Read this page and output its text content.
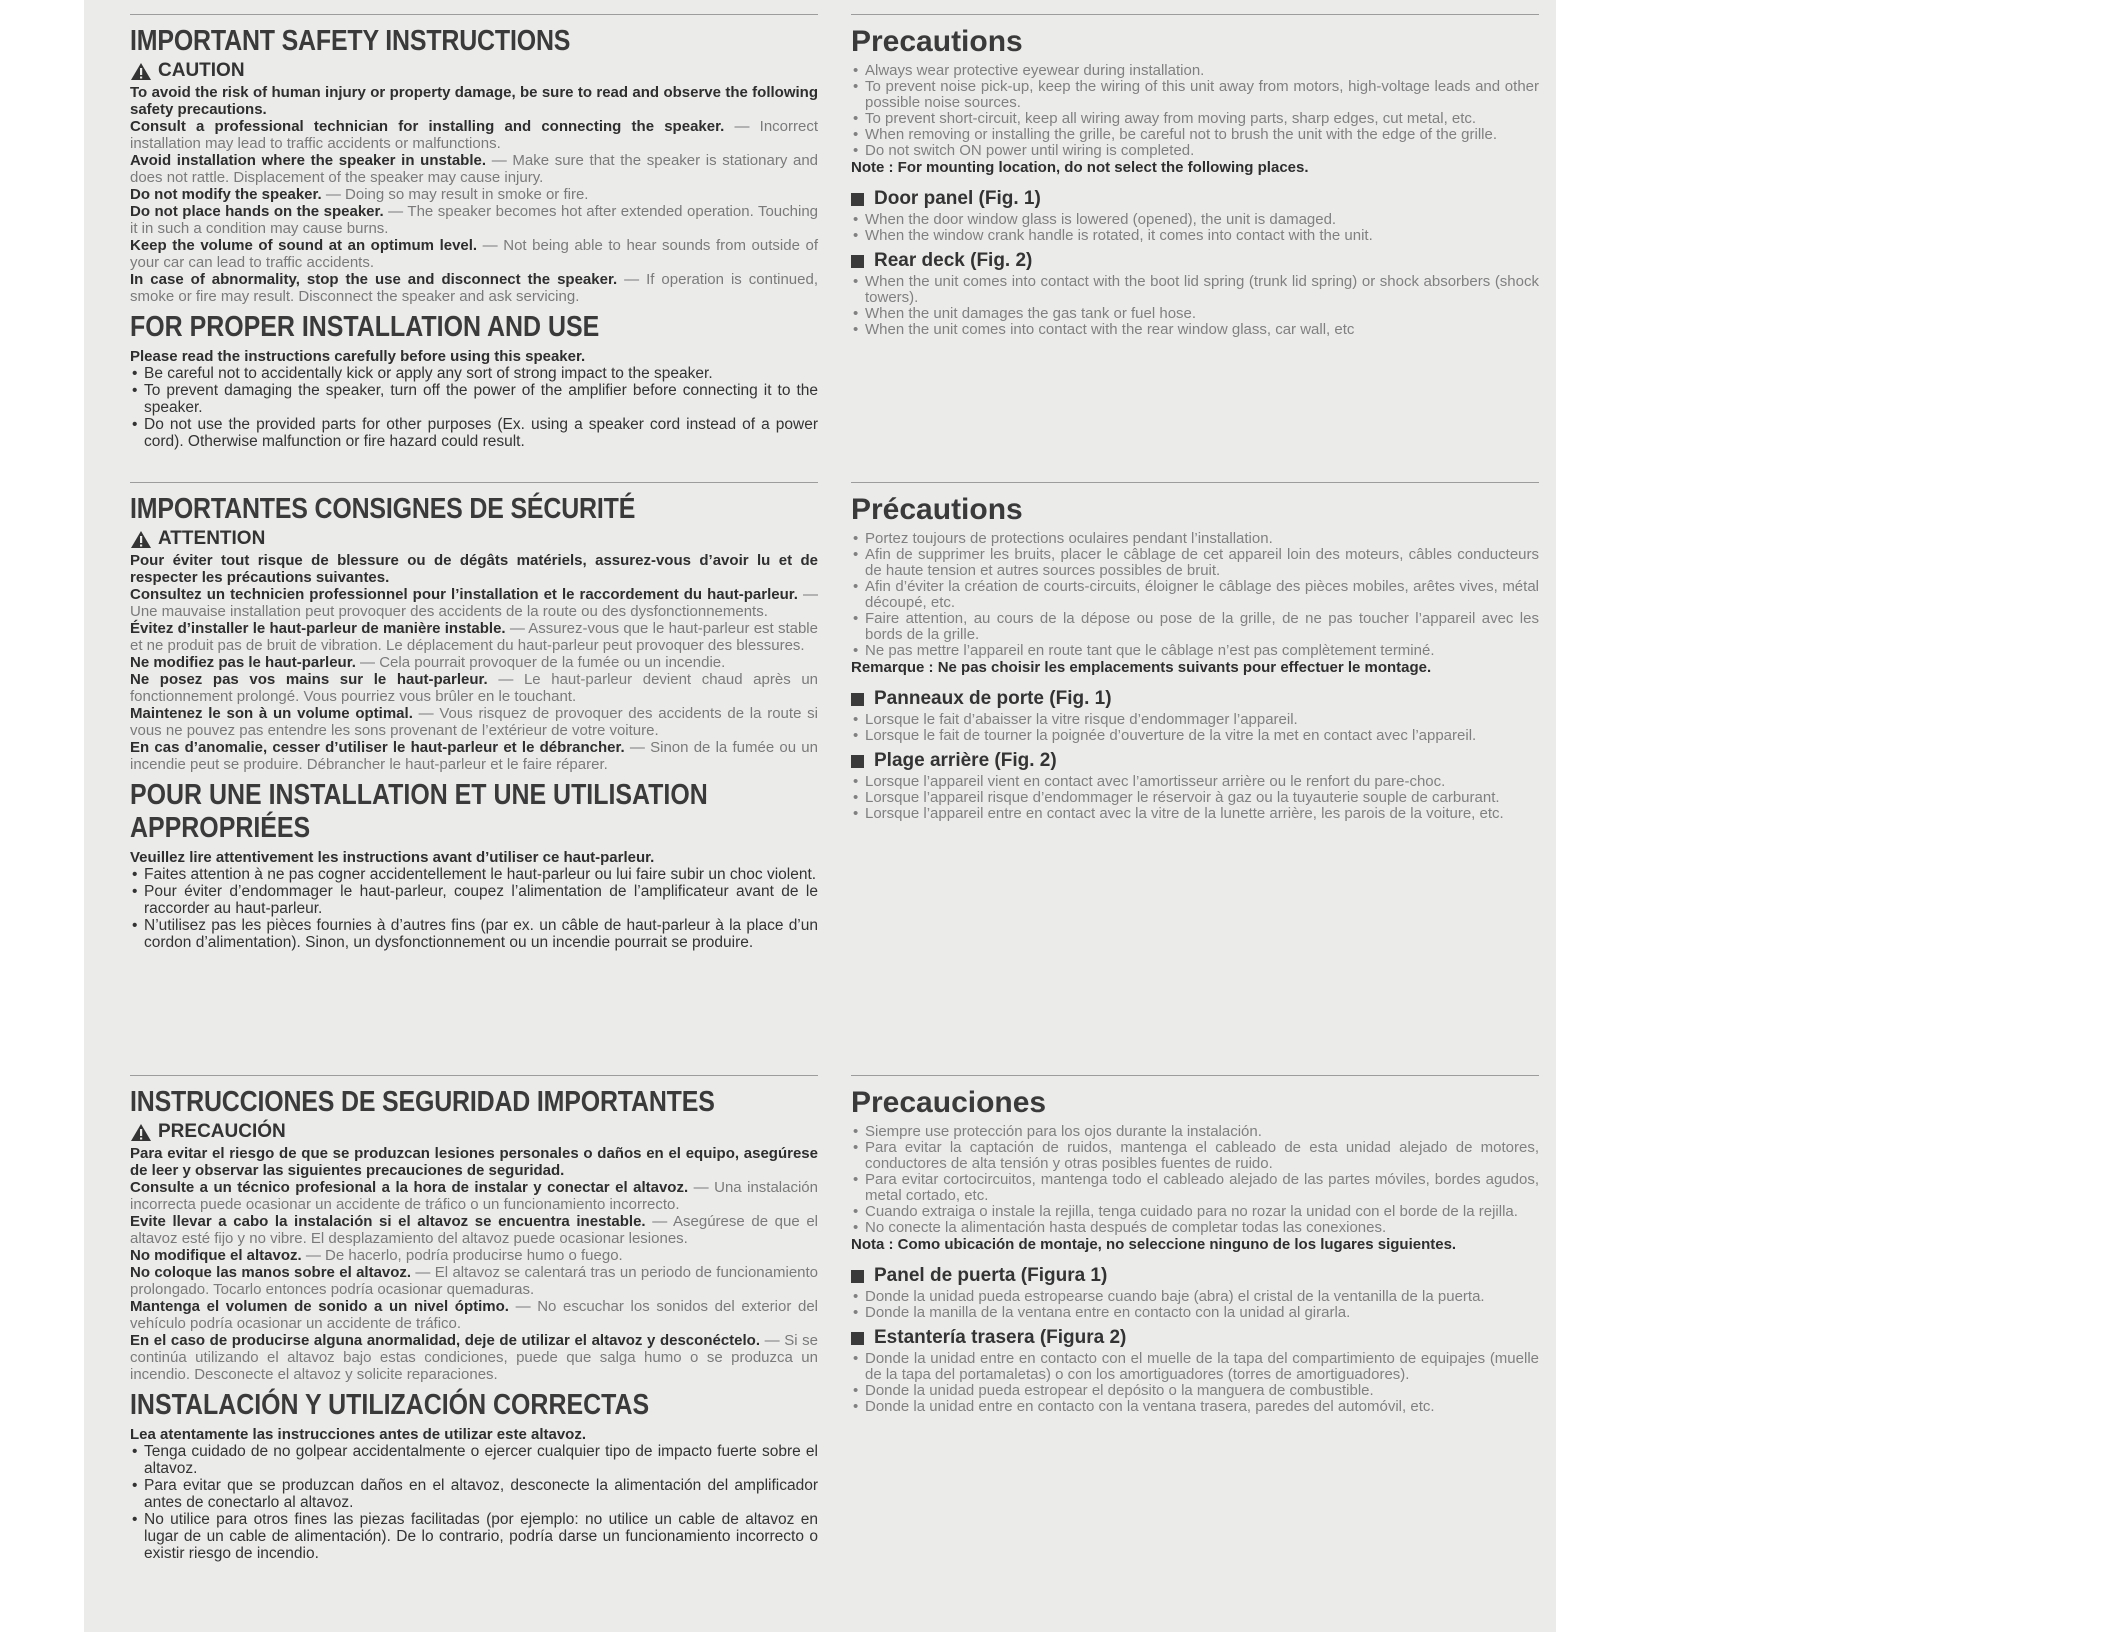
IMPORTANT SAFETY INSTRUCTIONS
CAUTION

To avoid the risk of human injury or property damage, be sure to read and observe the following safety precautions.

Consult a professional technician for installing and connecting the speaker. — Incorrect installation may lead to traffic accidents or malfunctions.

Avoid installation where the speaker in unstable. — Make sure that the speaker is stationary and does not rattle. Displacement of the speaker may cause injury.

Do not modify the speaker. — Doing so may result in smoke or fire.

Do not place hands on the speaker. — The speaker becomes hot after extended operation. Touching it in such a condition may cause burns.

Keep the volume of sound at an optimum level. — Not being able to hear sounds from outside of your car can lead to traffic accidents.

In case of abnormality, stop the use and disconnect the speaker. — If operation is continued, smoke or fire may result. Disconnect the speaker and ask servicing.

FOR PROPER INSTALLATION AND USE

Please read the instructions carefully before using this speaker.

• Be careful not to accidentally kick or apply any sort of strong impact to the speaker.
• To prevent damaging the speaker, turn off the power of the amplifier before connecting it to the speaker.
• Do not use the provided parts for other purposes (Ex. using a speaker cord instead of a power cord). Otherwise malfunction or fire hazard could result.
Precautions
• Always wear protective eyewear during installation.
• To prevent noise pick-up, keep the wiring of this unit away from motors, high-voltage leads and other possible noise sources.
• To prevent short-circuit, keep all wiring away from moving parts, sharp edges, cut metal, etc.
• When removing or installing the grille, be careful not to brush the unit with the edge of the grille.
• Do not switch ON power until wiring is completed.

Note : For mounting location, do not select the following places.

Door panel (Fig. 1)
• When the door window glass is lowered (opened), the unit is damaged.
• When the window crank handle is rotated, it comes into contact with the unit.
Rear deck (Fig. 2)
• When the unit comes into contact with the boot lid spring (trunk lid spring) or shock absorbers (shock towers).
• When the unit damages the gas tank or fuel hose.
• When the unit comes into contact with the rear window glass, car wall, etc
IMPORTANTES CONSIGNES DE SÉCURITÉ
ATTENTION

Pour éviter tout risque de blessure ou de dégâts matériels, assurez-vous d’avoir lu et de respecter les précautions suivantes.

Consultez un technicien professionnel pour l’installation et le raccordement du haut-parleur. — Une mauvaise installation peut provoquer des accidents de la route ou des dysfonctionnements.

Évitez d’installer le haut-parleur de manière instable. — Assurez-vous que le haut-parleur est stable et ne produit pas de bruit de vibration. Le déplacement du haut-parleur peut provoquer des blessures.

Ne modifiez pas le haut-parleur. — Cela pourrait provoquer de la fumée ou un incendie.

Ne posez pas vos mains sur le haut-parleur. — Le haut-parleur devient chaud après un fonctionnement prolongé. Vous pourriez vous brûler en le touchant.

Maintenez le son à un volume optimal. — Vous risquez de provoquer des accidents de la route si vous ne pouvez pas entendre les sons provenant de l’extérieur de votre voiture.

En cas d’anomalie, cesser d’utiliser le haut-parleur et le débrancher. — Sinon de la fumée ou un incendie peut se produire. Débrancher le haut-parleur et le faire réparer.

POUR UNE INSTALLATION ET UNE UTILISATION APPROPRIÉES

Veuillez lire attentivement les instructions avant d’utiliser ce haut-parleur.

• Faites attention à ne pas cogner accidentellement le haut-parleur ou lui faire subir un choc violent.
• Pour éviter d’endommager le haut-parleur, coupez l’alimentation de l’amplificateur avant de le raccorder au haut-parleur.
• N’utilisez pas les pièces fournies à d’autres fins (par ex. un câble de haut-parleur à la place d’un cordon d’alimentation). Sinon, un dysfonctionnement ou un incendie pourrait se produire.
Précautions
• Portez toujours de protections oculaires pendant l’installation.
• Afin de supprimer les bruits, placer le câblage de cet appareil loin des moteurs, câbles conducteurs de haute tension et autres sources possibles de bruit.
• Afin d’éviter la création de courts-circuits, éloigner le câblage des pièces mobiles, arêtes vives, métal découpé, etc.
• Faire attention, au cours de la dépose ou pose de la grille, de ne pas toucher l’appareil avec les bords de la grille.
• Ne pas mettre l’appareil en route tant que le câblage n’est pas complètement terminé.

Remarque : Ne pas choisir les emplacements suivants pour effectuer le montage.

Panneaux de porte (Fig. 1)
• Lorsque le fait d’abaisser la vitre risque d’endommager l’appareil.
• Lorsque le fait de tourner la poignée d’ouverture de la vitre la met en contact avec l’appareil.
Plage arrière (Fig. 2)
• Lorsque l’appareil vient en contact avec l’amortisseur arrière ou le renfort du pare-choc.
• Lorsque l’appareil risque d’endommager le réservoir à gaz ou la tuyauterie souple de carburant.
• Lorsque l’appareil entre en contact avec la vitre de la lunette arrière, les parois de la voiture, etc.
INSTRUCCIONES DE SEGURIDAD IMPORTANTES
PRECAUCIÓN

Para evitar el riesgo de que se produzcan lesiones personales o daños en el equipo, asegúrese de leer y observar las siguientes precauciones de seguridad.

Consulte a un técnico profesional a la hora de instalar y conectar el altavoz. — Una instalación incorrecta puede ocasionar un accidente de tráfico o un funcionamiento incorrecto.

Evite llevar a cabo la instalación si el altavoz se encuentra inestable. — Asegúrese de que el altavoz esté fijo y no vibre. El desplazamiento del altavoz puede ocasionar lesiones.

No modifique el altavoz. — De hacerlo, podría producirse humo o fuego.

No coloque las manos sobre el altavoz. — El altavoz se calentará tras un periodo de funcionamiento prolongado. Tocarlo entonces podría ocasionar quemaduras.

Mantenga el volumen de sonido a un nivel óptimo. — No escuchar los sonidos del exterior del vehículo podría ocasionar un accidente de tráfico.

En el caso de producirse alguna anormalidad, deje de utilizar el altavoz y desconéctelo. — Si se continúa utilizando el altavoz bajo estas condiciones, puede que salga humo o se produzca un incendio. Desconecte el altavoz y solicite reparaciones.

INSTALACIÓN Y UTILIZACIÓN CORRECTAS

Lea atentamente las instrucciones antes de utilizar este altavoz.

• Tenga cuidado de no golpear accidentalmente o ejercer cualquier tipo de impacto fuerte sobre el altavoz.
• Para evitar que se produzcan daños en el altavoz, desconecte la alimentación del amplificador antes de conectarlo al altavoz.
• No utilice para otros fines las piezas facilitadas (por ejemplo: no utilice un cable de altavoz en lugar de un cable de alimentación). De lo contrario, podría darse un funcionamiento incorrecto o existir riesgo de incendio.
Precauciones
• Siempre use protección para los ojos durante la instalación.
• Para evitar la captación de ruidos, mantenga el cableado de esta unidad alejado de motores, conductores de alta tensión y otras posibles fuentes de ruido.
• Para evitar cortocircuitos, mantenga todo el cableado alejado de las partes móviles, bordes agudos, metal cortado, etc.
• Cuando extraiga o instale la rejilla, tenga cuidado para no rozar la unidad con el borde de la rejilla.
• No conecte la alimentación hasta después de completar todas las conexiones.

Nota : Como ubicación de montaje, no seleccione ninguno de los lugares siguientes.

Panel de puerta (Figura 1)
• Donde la unidad pueda estropearse cuando baje (abra) el cristal de la ventanilla de la puerta.
• Donde la manilla de la ventana entre en contacto con la unidad al girarla.
Estantería trasera (Figura 2)
• Donde la unidad entre en contacto con el muelle de la tapa del compartimiento de equipajes (muelle de la tapa del portamaletas) o con los amortiguadores (torres de amortiguadores).
• Donde la unidad pueda estropear el depósito o la manguera de combustible.
• Donde la unidad entre en contacto con la ventana trasera, paredes del automóvil, etc.
